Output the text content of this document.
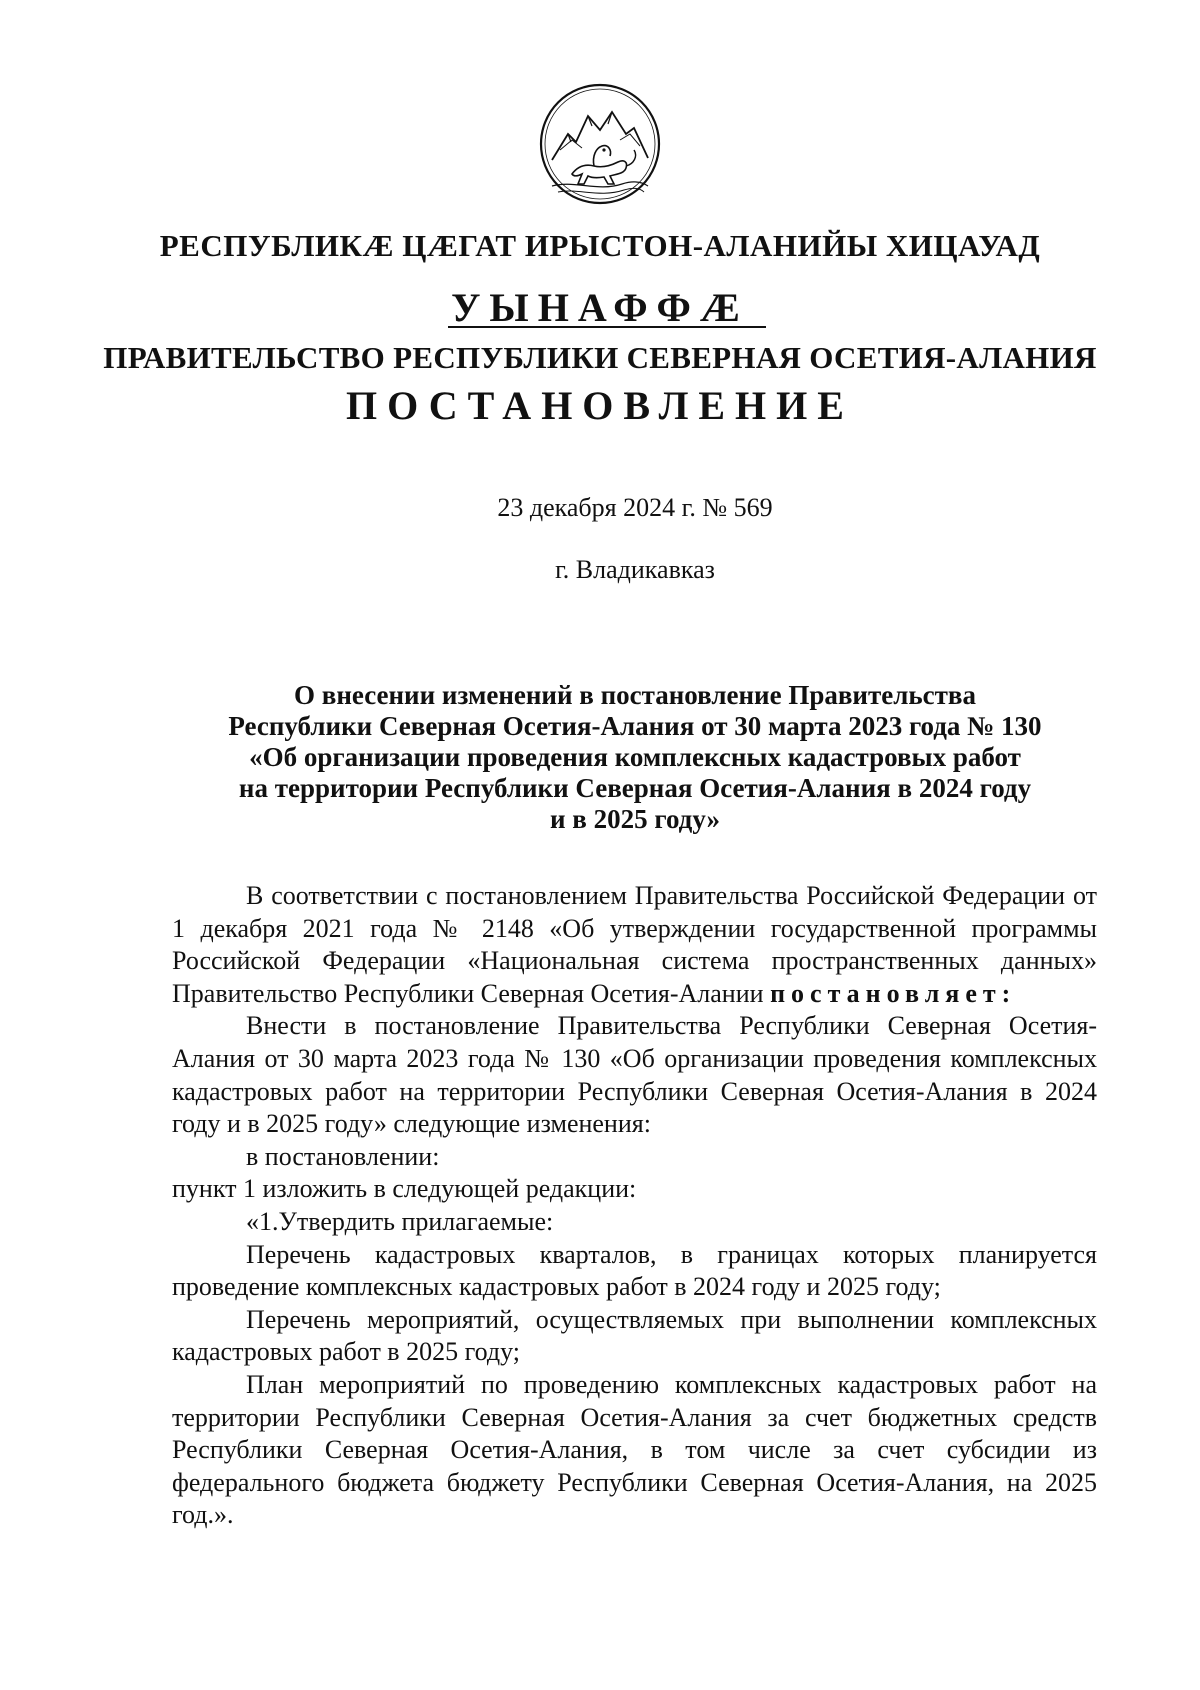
РЕСПУБЛИКӔ ЦӔГАТ ИРЫСТОН-АЛАНИЙЫ ХИЦАУАД
УЫНАФФӔ
ПРАВИТЕЛЬСТВО РЕСПУБЛИКИ СЕВЕРНАЯ ОСЕТИЯ-АЛАНИЯ
ПОСТАНОВЛЕНИЕ
23 декабря 2024 г. № 569
г. Владикавказ
О внесении изменений в постановление Правительства
Республики Северная Осетия-Алания от 30 марта 2023 года № 130
«Об организации проведения комплексных кадастровых работ
на территории Республики Северная Осетия-Алания в 2024 году
и в 2025 году»

В соответствии с постановлением Правительства Российской Федерации от 1 декабря 2021 года № 2148 «Об утверждении государственной программы Российской Федерации «Национальная система пространственных данных» Правительство Республики Северная Осетия-Алании постановляет:

Внести в постановление Правительства Республики Северная Осетия-Алания от 30 марта 2023 года № 130 «Об организации проведения комплексных кадастровых работ на территории Республики Северная Осетия-Алания в 2024 году и в 2025 году» следующие изменения:

в постановлении:

пункт 1 изложить в следующей редакции:

«1.Утвердить прилагаемые:

Перечень кадастровых кварталов, в границах которых планируется проведение комплексных кадастровых работ в 2024 году и 2025 году;

Перечень мероприятий, осуществляемых при выполнении комплексных кадастровых работ в 2025 году;

План мероприятий по проведению комплексных кадастровых работ на территории Республики Северная Осетия-Алания за счет бюджетных средств Республики Северная Осетия-Алания, в том числе за счет субсидии из федерального бюджета бюджету Республики Северная Осетия-Алания, на 2025 год.».
